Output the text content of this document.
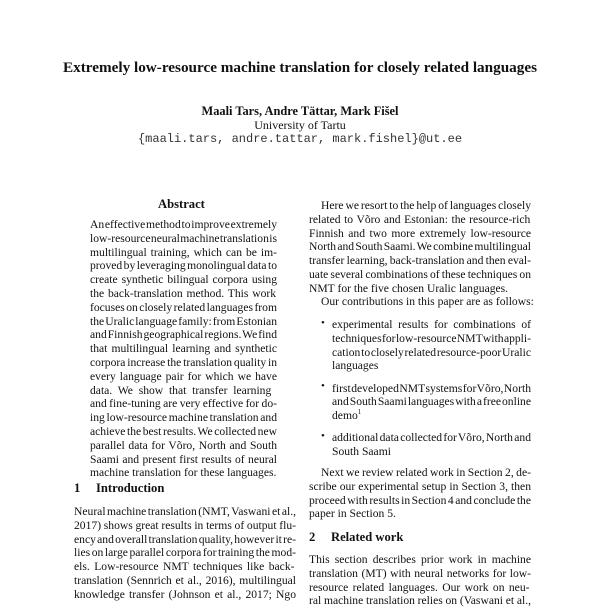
Extremely low-resource machine translation for closely related languages
Maali Tars, Andre Tättar, Mark Fišel
University of Tartu
{maali.tars, andre.tattar, mark.fishel}@ut.ee
Abstract
1 Introduction
2 Related work
•
•
•
An effective method to improve extremely
low-resource neural machine translation is
multilingual training, which can be im-
proved by leveraging monolingual data to
create synthetic bilingual corpora using
the back-translation method. This work
focuses on closely related languages from
the Uralic language family: from Estonian
and Finnish geographical regions. We find
that multilingual learning and synthetic
corpora increase the translation quality in
every language pair for which we have
data. We show that transfer learning
and fine-tuning are very effective for do-
ing low-resource machine translation and
achieve the best results. We collected new
parallel data for Võro, North and South
Saami and present first results of neural
machine translation for these languages.
Neural machine translation (NMT, Vaswani et al.,
2017) shows great results in terms of output flu-
ency and overall translation quality, however it re-
lies on large parallel corpora for training the mod-
els. Low-resource NMT techniques like back-
translation (Sennrich et al., 2016), multilingual
knowledge transfer (Johnson et al., 2017; Ngo
Here we resort to the help of languages closely
related to Võro and Estonian: the resource-rich
Finnish and two more extremely low-resource
North and South Saami. We combine multilingual
transfer learning, back-translation and then eval-
uate several combinations of these techniques on
NMT for the five chosen Uralic languages.
Our contributions in this paper are as follows:
experimental results for combinations of
techniques for low-resource NMT with appli-
cation to closely related resource-poor Uralic
languages
first developed NMT systems for Võro, North
and South Saami languages with a free online
demo$^1$
additional data collected for Võro, North and
South Saami
Next we review related work in Section 2, de-
scribe our experimental setup in Section 3, then
proceed with results in Section 4 and conclude the
paper in Section 5.
This section describes prior work in machine
translation (MT) with neural networks for low-
resource related languages. Our work on neu-
ral machine translation relies on (Vaswani et al.,
